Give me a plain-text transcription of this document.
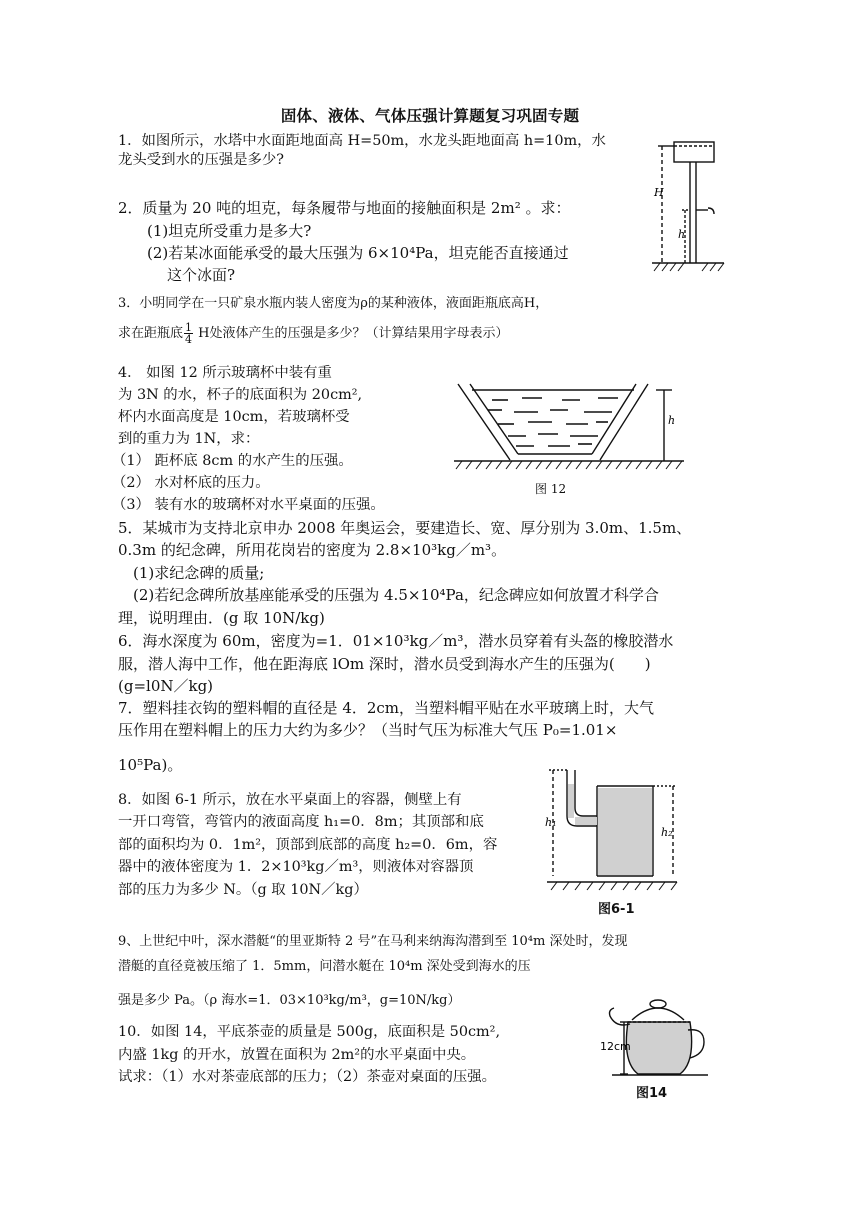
固体、液体、气体压强计算题复习巩固专题
1．如图所示，水塔中水面距地面高 H=50m，水龙头距地面高 h=10m，水
龙头受到水的压强是多少?
H
h
2．质量为 20 吨的坦克，每条履带与地面的接触面积是 2m² 。求：
(1)坦克所受重力是多大?
(2)若某冰面能承受的最大压强为 6×10⁴Pa，坦克能否直接通过
这个冰面?
3．小明同学在一只矿泉水瓶内装人密度为ρ的某种液体，液面距瓶底高H，
求在距瓶底 $\frac{1}{4}$ H处液体产生的压强是多少？（计算结果用字母表示）
4． 如图 12 所示玻璃杯中装有重
为 3N 的水，杯子的底面积为 20cm²,
杯内水面高度是 10cm，若玻璃杯受
到的重力为 1N，求：
（1） 距杯底 8cm 的水产生的压强。
（2） 水对杯底的压力。
（3） 装有水的玻璃杯对水平桌面的压强。
h
图 12
5．某城市为支持北京申办 2008 年奥运会，要建造长、宽、厚分别为 3.0m、1.5m、
0.3m 的纪念碑，所用花岗岩的密度为 2.8×10³kg／m³。
(1)求纪念碑的质量;
(2)若纪念碑所放基座能承受的压强为 4.5×10⁴Pa，纪念碑应如何放置才科学合
理，说明理由．(g 取 10N/kg)
6．海水深度为 60m，密度为=1．01×10³kg／m³，潜水员穿着有头盔的橡胶潜水
服，潜人海中工作，他在距海底 lOm 深时，潜水员受到海水产生的压强为(　　)
(g=l0N／kg)
7．塑料挂衣钩的塑料帽的直径是 4．2cm，当塑料帽平贴在水平玻璃上时，大气
压作用在塑料帽上的压力大约为多少？（当时气压为标准大气压 P₀=1.01×
10⁵Pa)。
8．如图 6-1 所示，放在水平桌面上的容器，侧壁上有
一开口弯管，弯管内的液面高度 h₁=0．8m；其顶部和底
部的面积均为 0．1m²，顶部到底部的高度 h₂=0．6m，容
器中的液体密度为 1．2×10³kg／m³，则液体对容器顶
部的压力为多少 N。（g 取 10N／kg）
h₁
h₂
图6-1
9、上世纪中叶，深水潜艇“的里亚斯特 2 号”在马利来纳海沟潜到至 10⁴m 深处时，发现
潜艇的直径竟被压缩了 1．5mm，问潜水艇在 10⁴m 深处受到海水的压
强是多少 Pa。（ρ 海水=1．03×10³kg/m³，g=10N/kg）
10．如图 14，平底茶壶的质量是 500g，底面积是 50cm²,
内盛 1kg 的开水，放置在面积为 2m²的水平桌面中央。
试求：（1）水对茶壶底部的压力；（2）茶壶对桌面的压强。
12cm
图14
